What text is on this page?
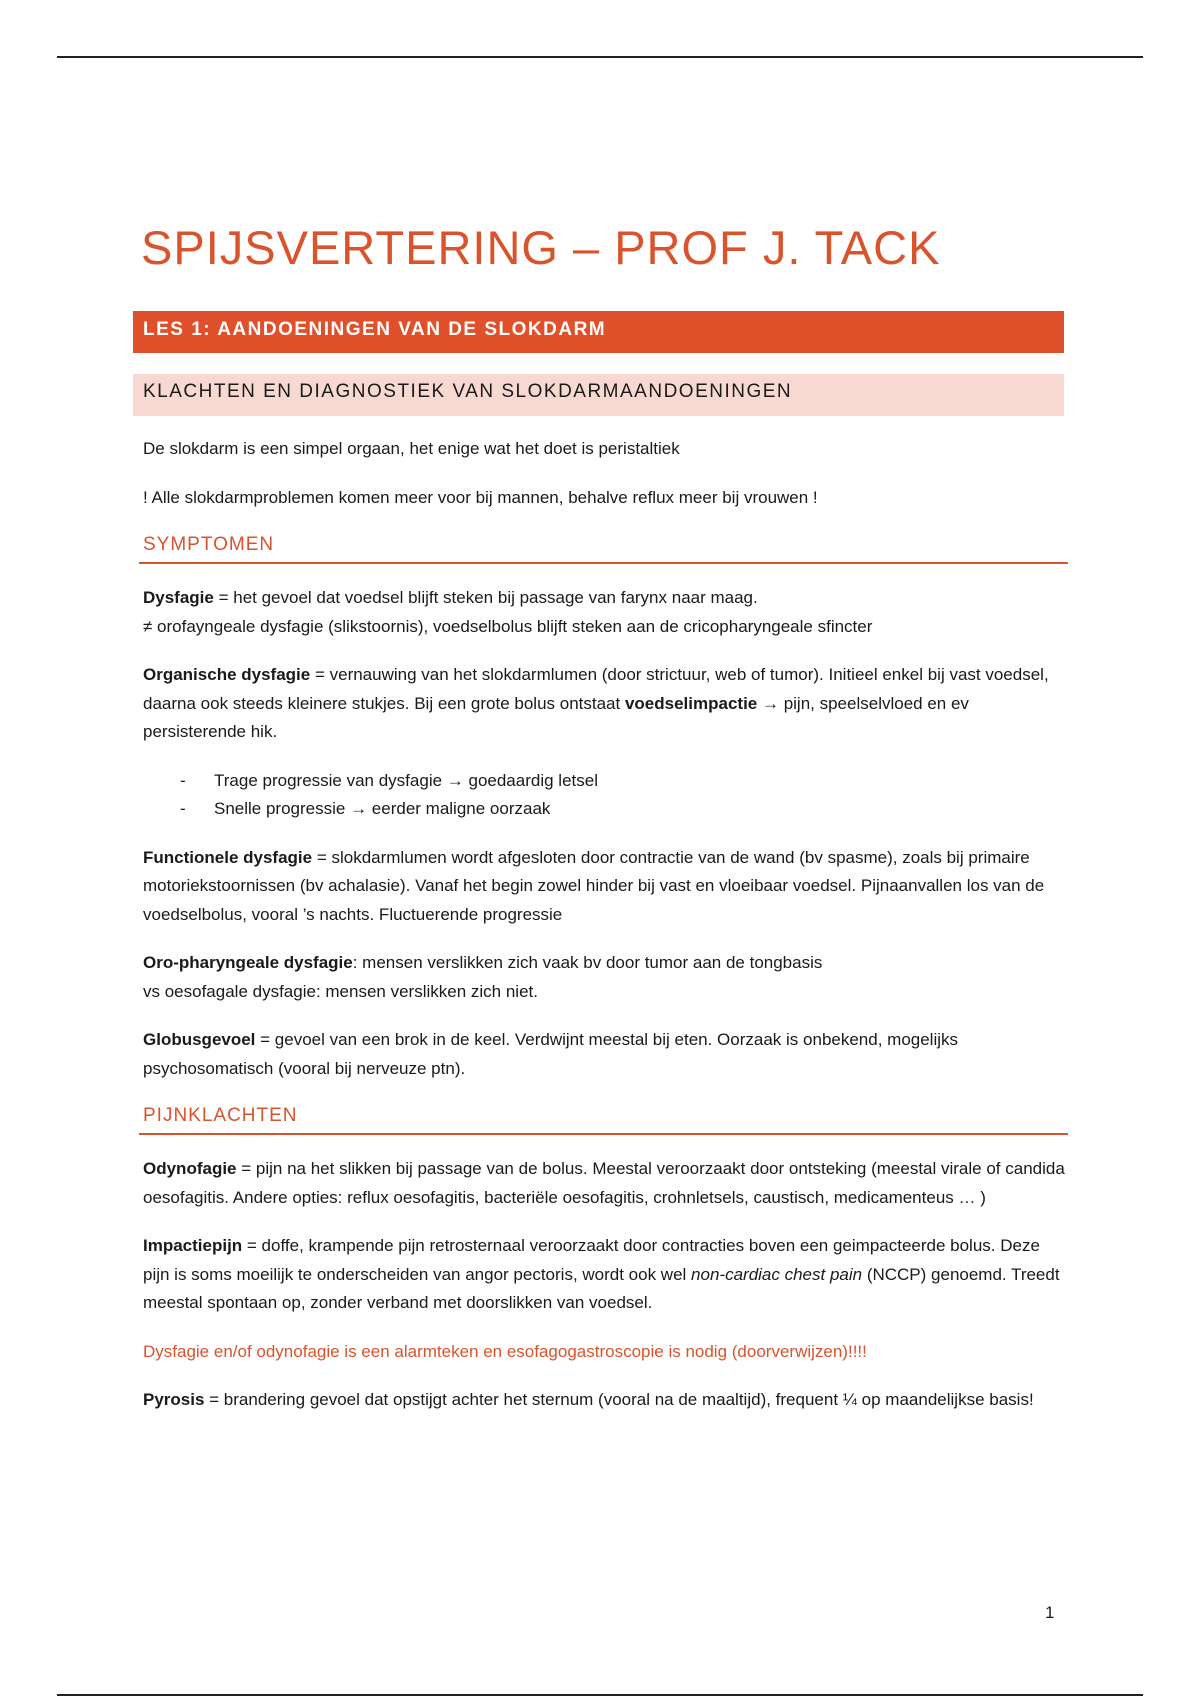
SPIJSVERTERING – PROF J. TACK
LES 1: AANDOENINGEN VAN DE SLOKDARM
KLACHTEN EN DIAGNOSTIEK VAN SLOKDARMAANDOENINGEN

De slokdarm is een simpel orgaan, het enige wat het doet is peristaltiek

! Alle slokdarmproblemen komen meer voor bij mannen, behalve reflux meer bij vrouwen !

SYMPTOMEN

Dysfagie = het gevoel dat voedsel blijft steken bij passage van farynx naar maag.
≠ orofayngeale dysfagie (slikstoornis), voedselbolus blijft steken aan de cricopharyngeale sfincter

Organische dysfagie = vernauwing van het slokdarmlumen (door strictuur, web of tumor). Initieel enkel bij vast voedsel, daarna ook steeds kleinere stukjes. Bij een grote bolus ontstaat voedselimpactie → pijn, speelselvloed en ev persisterende hik.

- Trage progressie van dysfagie → goedaardig letsel
- Snelle progressie → eerder maligne oorzaak

Functionele dysfagie = slokdarmlumen wordt afgesloten door contractie van de wand (bv spasme), zoals bij primaire motoriekstoornissen (bv achalasie). Vanaf het begin zowel hinder bij vast en vloeibaar voedsel. Pijnaanvallen los van de voedselbolus, vooral ’s nachts. Fluctuerende progressie

Oro-pharyngeale dysfagie: mensen verslikken zich vaak bv door tumor aan de tongbasis
vs oesofagale dysfagie: mensen verslikken zich niet.

Globusgevoel = gevoel van een brok in de keel. Verdwijnt meestal bij eten. Oorzaak is onbekend, mogelijks psychosomatisch (vooral bij nerveuze ptn).

PIJNKLACHTEN

Odynofagie = pijn na het slikken bij passage van de bolus. Meestal veroorzaakt door ontsteking (meestal virale of candida oesofagitis. Andere opties: reflux oesofagitis, bacteriële oesofagitis, crohnletsels, caustisch, medicamenteus … )

Impactiepijn = doffe, krampende pijn retrosternaal veroorzaakt door contracties boven een geimpacteerde bolus. Deze pijn is soms moeilijk te onderscheiden van angor pectoris, wordt ook wel non-cardiac chest pain (NCCP) genoemd. Treedt meestal spontaan op, zonder verband met doorslikken van voedsel.

Dysfagie en/of odynofagie is een alarmteken en esofagogastroscopie is nodig (doorverwijzen)!!!!

Pyrosis = brandering gevoel dat opstijgt achter het sternum (vooral na de maaltijd), frequent ¼ op maandelijkse basis!

1
